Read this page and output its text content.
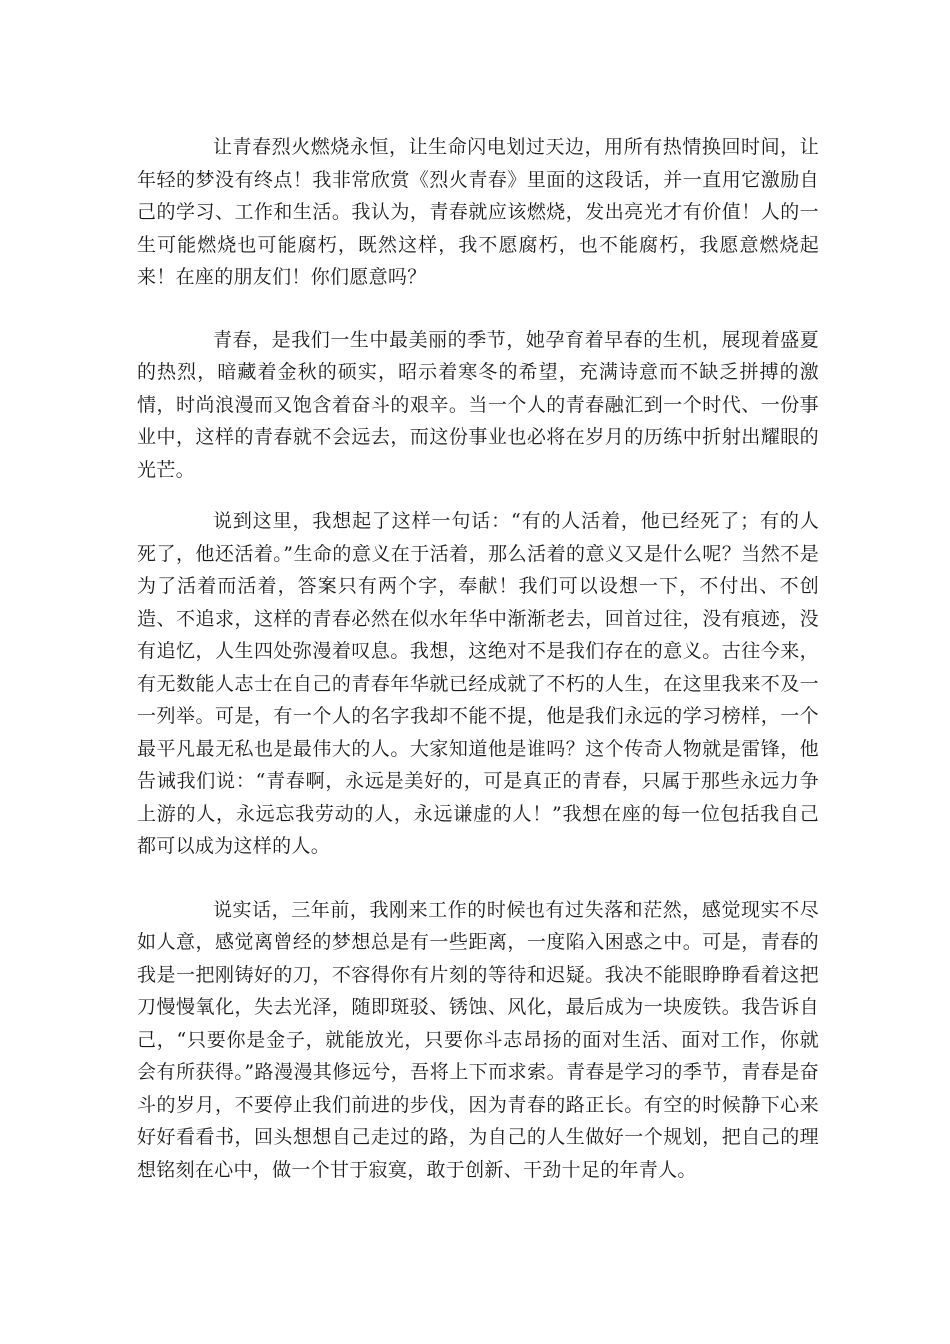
让青春烈火燃烧永恒，让生命闪电划过天边，用所有热情换回时间，让年轻的梦没有终点！我非常欣赏《烈火青春》里面的这段话，并一直用它激励自己的学习、工作和生活。我认为，青春就应该燃烧，发出亮光才有价值！人的一生可能燃烧也可能腐朽，既然这样，我不愿腐朽，也不能腐朽，我愿意燃烧起来！在座的朋友们！你们愿意吗？

青春，是我们一生中最美丽的季节，她孕育着早春的生机，展现着盛夏的热烈，暗藏着金秋的硕实，昭示着寒冬的希望，充满诗意而不缺乏拼搏的激情，时尚浪漫而又饱含着奋斗的艰辛。当一个人的青春融汇到一个时代、一份事业中，这样的青春就不会远去，而这份事业也必将在岁月的历练中折射出耀眼的光芒。

说到这里，我想起了这样一句话：“有的人活着，他已经死了；有的人死了，他还活着。”生命的意义在于活着，那么活着的意义又是什么呢？当然不是为了活着而活着，答案只有两个字，奉献！我们可以设想一下，不付出、不创造、不追求，这样的青春必然在似水年华中渐渐老去，回首过往，没有痕迹，没有追忆，人生四处弥漫着叹息。我想，这绝对不是我们存在的意义。古往今来，有无数能人志士在自己的青春年华就已经成就了不朽的人生，在这里我来不及一一列举。可是，有一个人的名字我却不能不提，他是我们永远的学习榜样，一个最平凡最无私也是最伟大的人。大家知道他是谁吗？这个传奇人物就是雷锋，他告诫我们说：“青春啊，永远是美好的，可是真正的青春，只属于那些永远力争上游的人，永远忘我劳动的人，永远谦虚的人！”我想在座的每一位包括我自己都可以成为这样的人。

说实话，三年前，我刚来工作的时候也有过失落和茫然，感觉现实不尽如人意，感觉离曾经的梦想总是有一些距离，一度陷入困惑之中。可是，青春的我是一把刚铸好的刀，不容得你有片刻的等待和迟疑。我决不能眼睁睁看着这把刀慢慢氧化，失去光泽，随即斑驳、锈蚀、风化，最后成为一块废铁。我告诉自己，“只要你是金子，就能放光，只要你斗志昂扬的面对生活、面对工作，你就会有所获得。”路漫漫其修远兮，吾将上下而求索。青春是学习的季节，青春是奋斗的岁月，不要停止我们前进的步伐，因为青春的路正长。有空的时候静下心来好好看看书，回头想想自己走过的路，为自己的人生做好一个规划，把自己的理想铭刻在心中，做一个甘于寂寞，敢于创新、干劲十足的年青人。
